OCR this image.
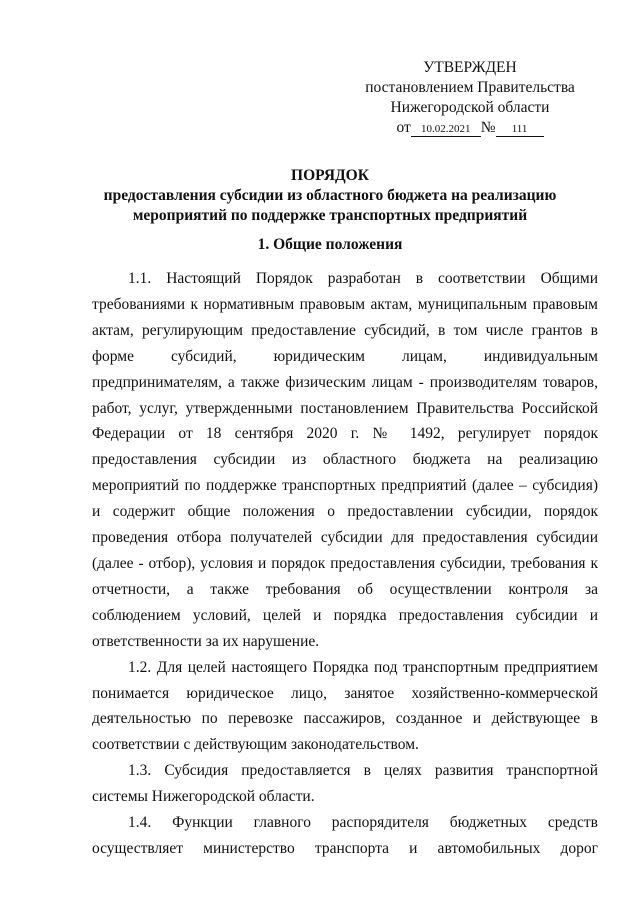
УТВЕРЖДЕН
постановлением Правительства
Нижегородской области
от 10.02.2021 № 111
ПОРЯДОК
предоставления субсидии из областного бюджета на реализацию
мероприятий по поддержке транспортных предприятий
1. Общие положения

1.1. Настоящий Порядок разработан в соответствии Общими требованиями к нормативным правовым актам, муниципальным правовым актам, регулирующим предоставление субсидий, в том числе грантов в форме субсидий, юридическим лицам, индивидуальным предпринимателям, а также физическим лицам - производителям товаров, работ, услуг, утвержденными постановлением Правительства Российской Федерации от 18 сентября 2020 г. № 1492, регулирует порядок предоставления субсидии из областного бюджета на реализацию мероприятий по поддержке транспортных предприятий (далее – субсидия) и содержит общие положения о предоставлении субсидии, порядок проведения отбора получателей субсидии для предоставления субсидии (далее - отбор), условия и порядок предоставления субсидии, требования к отчетности, а также требования об осуществлении контроля за соблюдением условий, целей и порядка предоставления субсидии и ответственности за их нарушение.

1.2. Для целей настоящего Порядка под транспортным предприятием понимается юридическое лицо, занятое хозяйственно-коммерческой деятельностью по перевозке пассажиров, созданное и действующее в соответствии с действующим законодательством.

1.3. Субсидия предоставляется в целях развития транспортной системы Нижегородской области.

1.4. Функции главного распорядителя бюджетных средств осуществляет министерство транспорта и автомобильных дорог
